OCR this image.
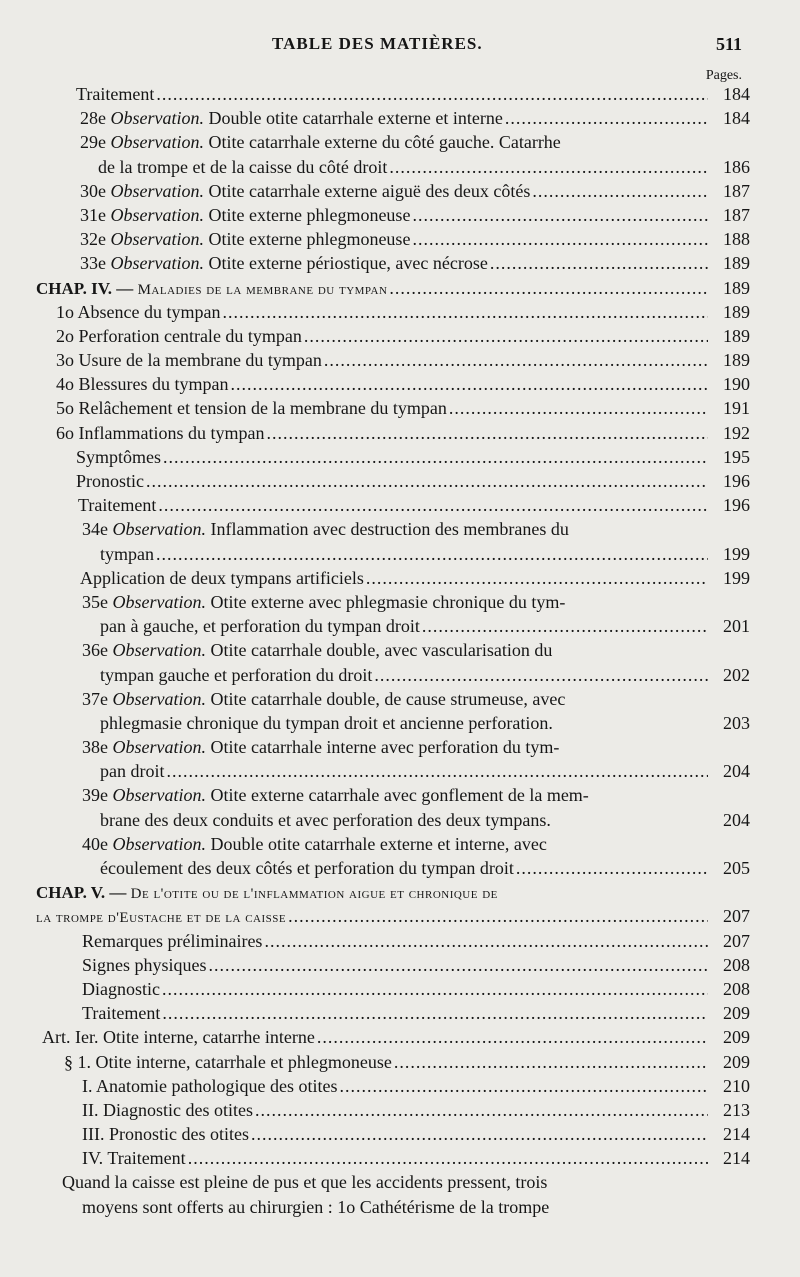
TABLE DES MATIÈRES.	511
Pages.
Traitement .....	184
28e Observation. Double otite catarrhale externe et interne .....	184
29e Observation. Otite catarrhale externe du côté gauche. Catarrhe
de la trompe et de la caisse du côté droit .....	186
30e Observation. Otite catarrhale externe aiguë des deux côtés .....	187
31e Observation. Otite externe phlegmoneuse .....	187
32e Observation. Otite externe phlegmoneuse .....	188
33e Observation. Otite externe périostique, avec nécrose .....	189
CHAP. IV. — Maladies de la membrane du tympan .....	189
1o Absence du tympan .....	189
2o Perforation centrale du tympan .....	189
3o Usure de la membrane du tympan .....	189
4o Blessures du tympan .....	190
5o Relâchement et tension de la membrane du tympan .....	191
6o Inflammations du tympan .....	192
Symptômes .....	195
Pronostic .....	196
Traitement .....	196
34e Observation. Inflammation avec destruction des membranes du
tympan .....	199
Application de deux tympans artificiels .....	199
35e Observation. Otite externe avec phlegmasie chronique du tym-
pan à gauche, et perforation du tympan droit .....	201
36e Observation. Otite catarrhale double, avec vascularisation du
tympan gauche et perforation du droit .....	202
37e Observation. Otite catarrhale double, de cause strumeuse, avec
phlegmasie chronique du tympan droit et ancienne perforation.	203
38e Observation. Otite catarrhale interne avec perforation du tym-
pan droit .....	204
39e Observation. Otite externe catarrhale avec gonflement de la mem-
brane des deux conduits et avec perforation des deux tympans.	204
40e Observation. Double otite catarrhale externe et interne, avec
écoulement des deux côtés et perforation du tympan droit .....	205
CHAP. V. — De l'otite ou de l'inflammation aigue et chronique de
la trompe d'Eustache et de la caisse .....	207
Remarques préliminaires .....	207
Signes physiques .....	208
Diagnostic .....	208
Traitement .....	209
Art. Ier. Otite interne, catarrhe interne .....	209
§ 1. Otite interne, catarrhale et phlegmoneuse .....	209
I. Anatomie pathologique des otites .....	210
II. Diagnostic des otites .....	213
III. Pronostic des otites .....	214
IV. Traitement .....	214
Quand la caisse est pleine de pus et que les accidents pressent, trois
moyens sont offerts au chirurgien : 1o Cathétérisme de la trompe
